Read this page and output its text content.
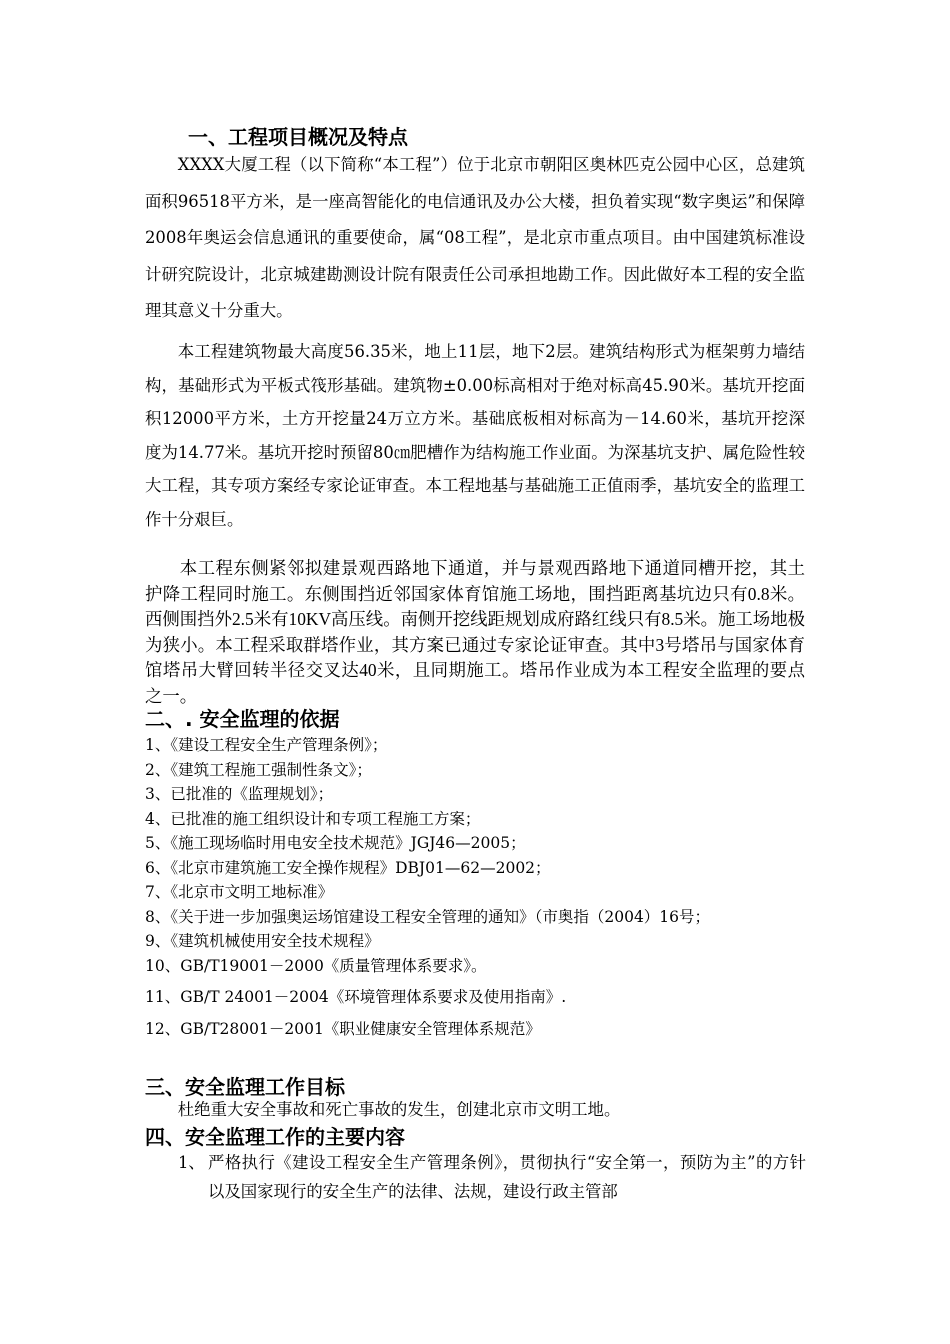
一、工程项目概况及特点

XXXX大厦工程（以下简称“本工程”）位于北京市朝阳区奥林匹克公园中心区，总建筑面积96518平方米，是一座高智能化的电信通讯及办公大楼，担负着实现“数字奥运”和保障2008年奥运会信息通讯的重要使命，属“08工程”，是北京市重点项目。由中国建筑标准设计研究院设计，北京城建勘测设计院有限责任公司承担地勘工作。因此做好本工程的安全监理其意义十分重大。

本工程建筑物最大高度56.35米，地上11层，地下2层。建筑结构形式为框架剪力墙结构，基础形式为平板式筏形基础。建筑物±0.00标高相对于绝对标高45.90米。基坑开挖面积12000平方米，土方开挖量24万立方米。基础底板相对标高为－14.60米，基坑开挖深度为14.77米。基坑开挖时预留80㎝肥槽作为结构施工作业面。为深基坑支护、属危险性较大工程，其专项方案经专家论证审查。本工程地基与基础施工正值雨季，基坑安全的监理工作十分艰巨。

本工程东侧紧邻拟建景观西路地下通道，并与景观西路地下通道同槽开挖，其土护降工程同时施工。东侧围挡近邻国家体育馆施工场地，围挡距离基坑边只有0.8米。西侧围挡外2.5米有10KV高压线。南侧开挖线距规划成府路红线只有8.5米。施工场地极为狭小。本工程采取群塔作业，其方案已通过专家论证审查。其中3号塔吊与国家体育馆塔吊大臂回转半径交叉达40米，且同期施工。塔吊作业成为本工程安全监理的要点之一。

二、. 安全监理的依据
1、《建设工程安全生产管理条例》；
2、《建筑工程施工强制性条文》；
3、已批准的《监理规划》；
4、已批准的施工组织设计和专项工程施工方案；
5、《施工现场临时用电安全技术规范》JGJ46—2005；
6、《北京市建筑施工安全操作规程》DBJ01—62—2002；
7、《北京市文明工地标准》
8、《关于进一步加强奥运场馆建设工程安全管理的通知》（市奥指（2004）16号；
9、《建筑机械使用安全技术规程》
10、GB/T19001－2000《质量管理体系要求》。
11、GB/T 24001－2004《环境管理体系要求及使用指南》.
12、GB/T28001－2001《职业健康安全管理体系规范》
三、安全监理工作目标
杜绝重大安全事故和死亡事故的发生，创建北京市文明工地。
四、安全监理工作的主要内容
1、 严格执行《建设工程安全生产管理条例》，贯彻执行“安全第一，预防为主”的方针以及国家现行的安全生产的法律、法规，建设行政主管部
